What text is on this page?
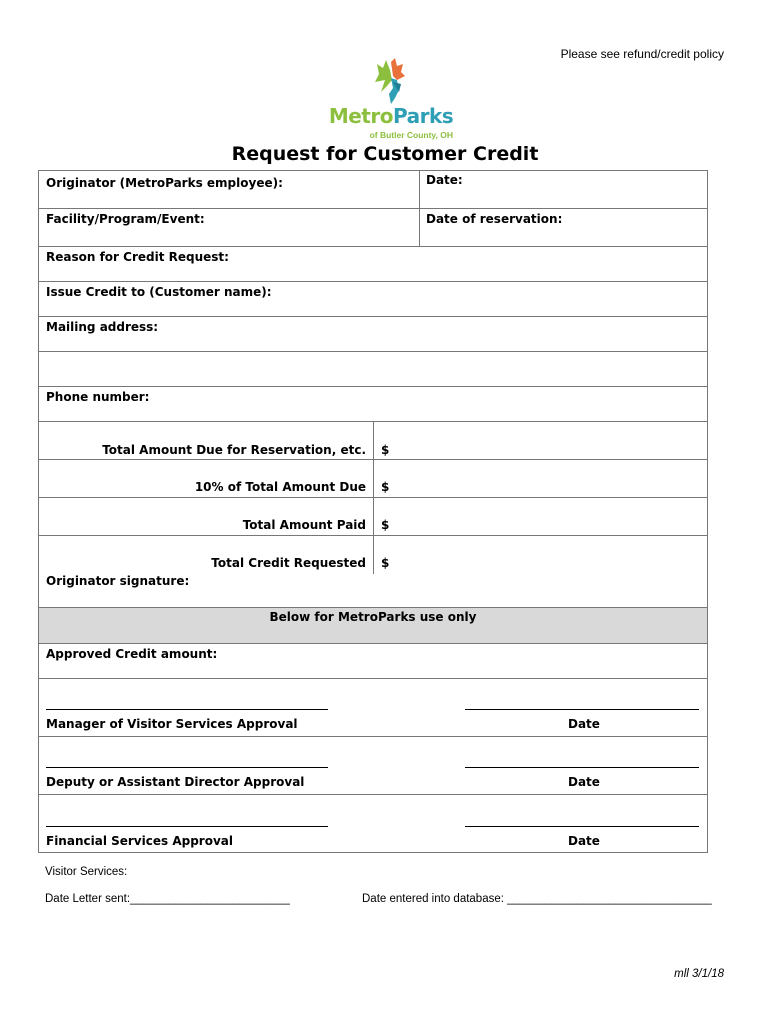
Please see refund/credit policy
MetroParks
of Butler County, OH
Request for Customer Credit
Originator (MetroParks employee):	Date:
Facility/Program/Event:	Date of reservation:
Reason for Credit Request:
Issue Credit to (Customer name):
Mailing address:
Phone number:
Total Amount Due for Reservation, etc. $
10% of Total Amount Due $
Total Amount Paid $
Total Credit Requested $
Originator signature:
Below for MetroParks use only
Approved Credit amount:
Manager of Visitor Services Approval	Date
Deputy or Assistant Director Approval	Date
Financial Services Approval	Date
Visitor Services:
Date Letter sent:_________________________	Date entered into database: ________________________________
mll 3/1/18
